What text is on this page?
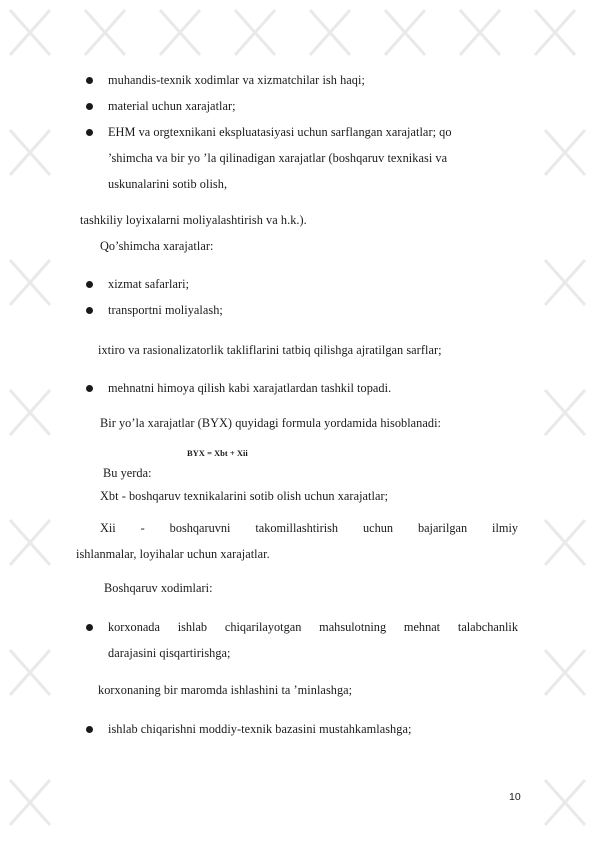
muhandis-texnik xodimlar va xizmatchilar ish haqi;
material uchun xarajatlar;
EHM va orgtexnikani ekspluatasiyasi uchun sarflangan xarajatlar; qo
’shimcha va bir yo ’la qilinadigan xarajatlar (boshqaruv texnikasi va
uskunalarini sotib olish,
tashkiliy loyixalarni moliyalashtirish va h.k.).
Qo’shimcha xarajatlar:
xizmat safarlari;
transportni moliyalash;
ixtiro va rasionalizatorlik takliflarini tatbiq qilishga ajratilgan sarflar;
mehnatni himoya qilish kabi xarajatlardan tashkil topadi.
Bir yo’la xarajatlar (BYX) quyidagi formula yordamida hisoblanadi:
BYX = Xbt + Xii
Bu yerda:
Xbt - boshqaruv texnikalarini sotib olish uchun xarajatlar;
Xii - boshqaruvni takomillashtirish uchun bajarilgan ilmiy
ishlanmalar, loyihalar uchun xarajatlar.
Boshqaruv xodimlari:
korxonada ishlab chiqarilayotgan mahsulotning mehnat talabchanlik
darajasini qisqartirishga;
korxonaning bir maromda ishlashini ta ’minlashga;
ishlab chiqarishni moddiy-texnik bazasini mustahkamlashga;
10
